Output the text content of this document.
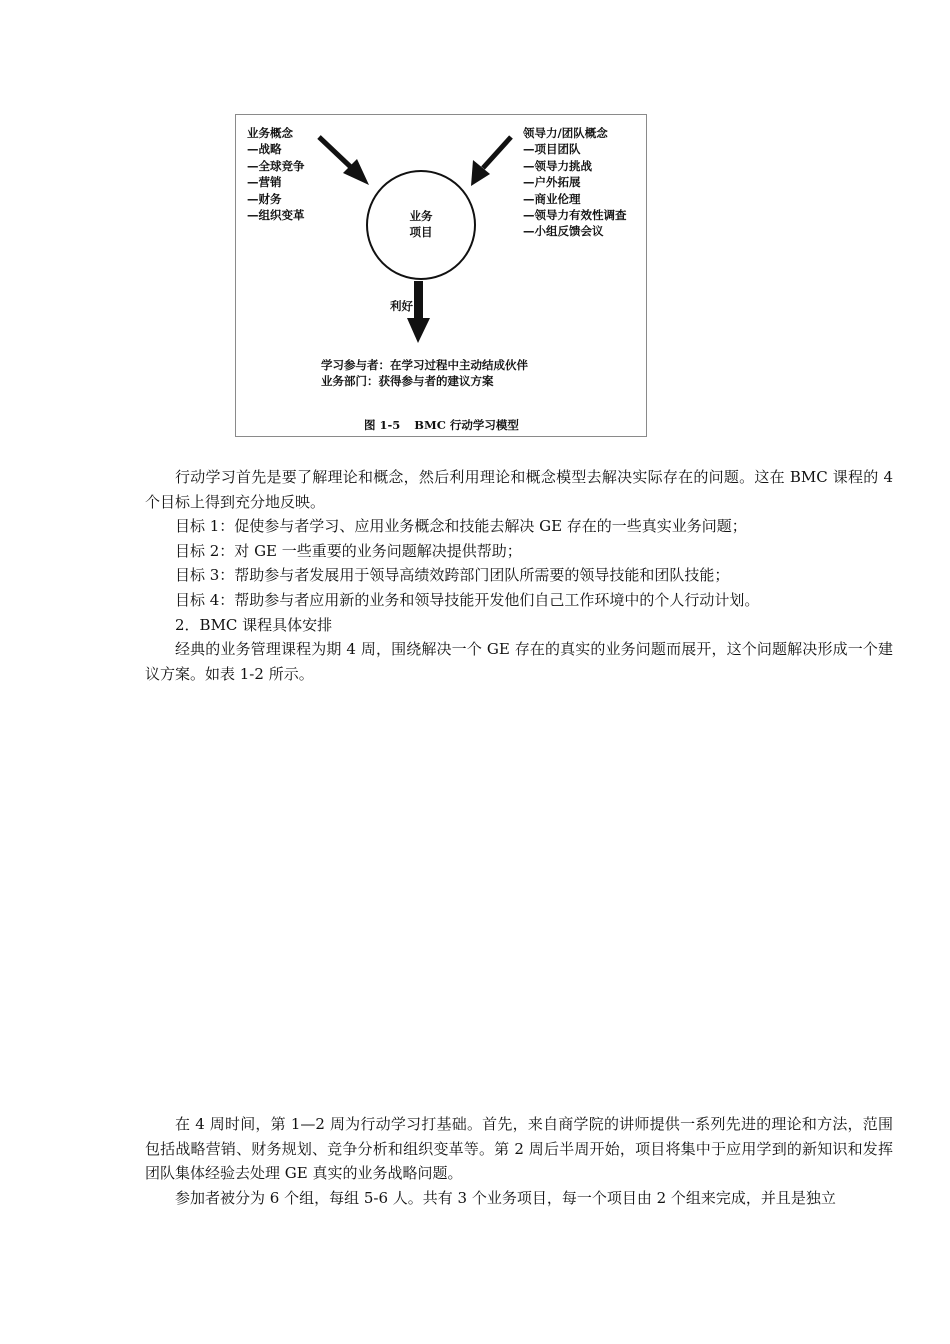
业务概念
—战略
—全球竞争
—营销
—财务
—组织变革
领导力/团队概念
—项目团队
—领导力挑战
—户外拓展
—商业伦理
—领导力有效性调查
—小组反馈会议
业务
项目
利好
学习参与者：在学习过程中主动结成伙伴
业务部门：获得参与者的建议方案
图 1-5 BMC 行动学习模型

行动学习首先是要了解理论和概念，然后利用理论和概念模型去解决实际存在的问题。这在 BMC 课程的 4 个目标上得到充分地反映。

目标 1：促使参与者学习、应用业务概念和技能去解决 GE 存在的一些真实业务问题；

目标 2：对 GE 一些重要的业务问题解决提供帮助；

目标 3：帮助参与者发展用于领导高绩效跨部门团队所需要的领导技能和团队技能；

目标 4：帮助参与者应用新的业务和领导技能开发他们自己工作环境中的个人行动计划。

2．BMC 课程具体安排

经典的业务管理课程为期 4 周，围绕解决一个 GE 存在的真实的业务问题而展开，这个问题解决形成一个建议方案。如表 1-2 所示。

在 4 周时间，第 1—2 周为行动学习打基础。首先，来自商学院的讲师提供一系列先进的理论和方法，范围包括战略营销、财务规划、竞争分析和组织变革等。第 2 周后半周开始，项目将集中于应用学到的新知识和发挥团队集体经验去处理 GE 真实的业务战略问题。

参加者被分为 6 个组，每组 5-6 人。共有 3 个业务项目，每一个项目由 2 个组来完成，并且是独立
